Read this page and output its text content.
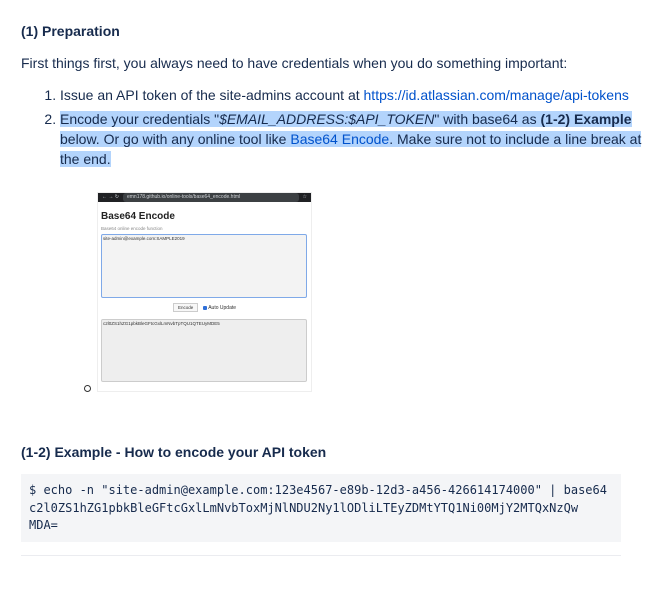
(1) Preparation
First things first, you always need to have credentials when you do something important:
1. Issue an API token of the site-admins account at https://id.atlassian.com/manage/api-tokens
2. Encode your credentials "$EMAIL_ADDRESS:$API_TOKEN" with base64 as (1-2) Example below. Or go with any online tool like Base64 Encode. Make sure not to include a line break at the end.
← → ↻	emn178.github.io/online-tools/base64_encode.html	☆
Base64 Encode
Base64 online encode function
site-admin@example.com:SAMPLE2019
Encode	Auto Update
c2l0ZS1hZG1pbkBleGFtcGxlLmNvbTpTQU1QTEUyMDE5
(1-2) Example - How to encode your API token
$ echo -n "site-admin@example.com:123e4567-e89b-12d3-a456-426614174000" | base64
c2l0ZS1hZG1pbkBleGFtcGxlLmNvbToxMjNlNDU2Ny1lODliLTEyZDMtYTQ1Ni00MjY2MTQxNzQw
MDA=
